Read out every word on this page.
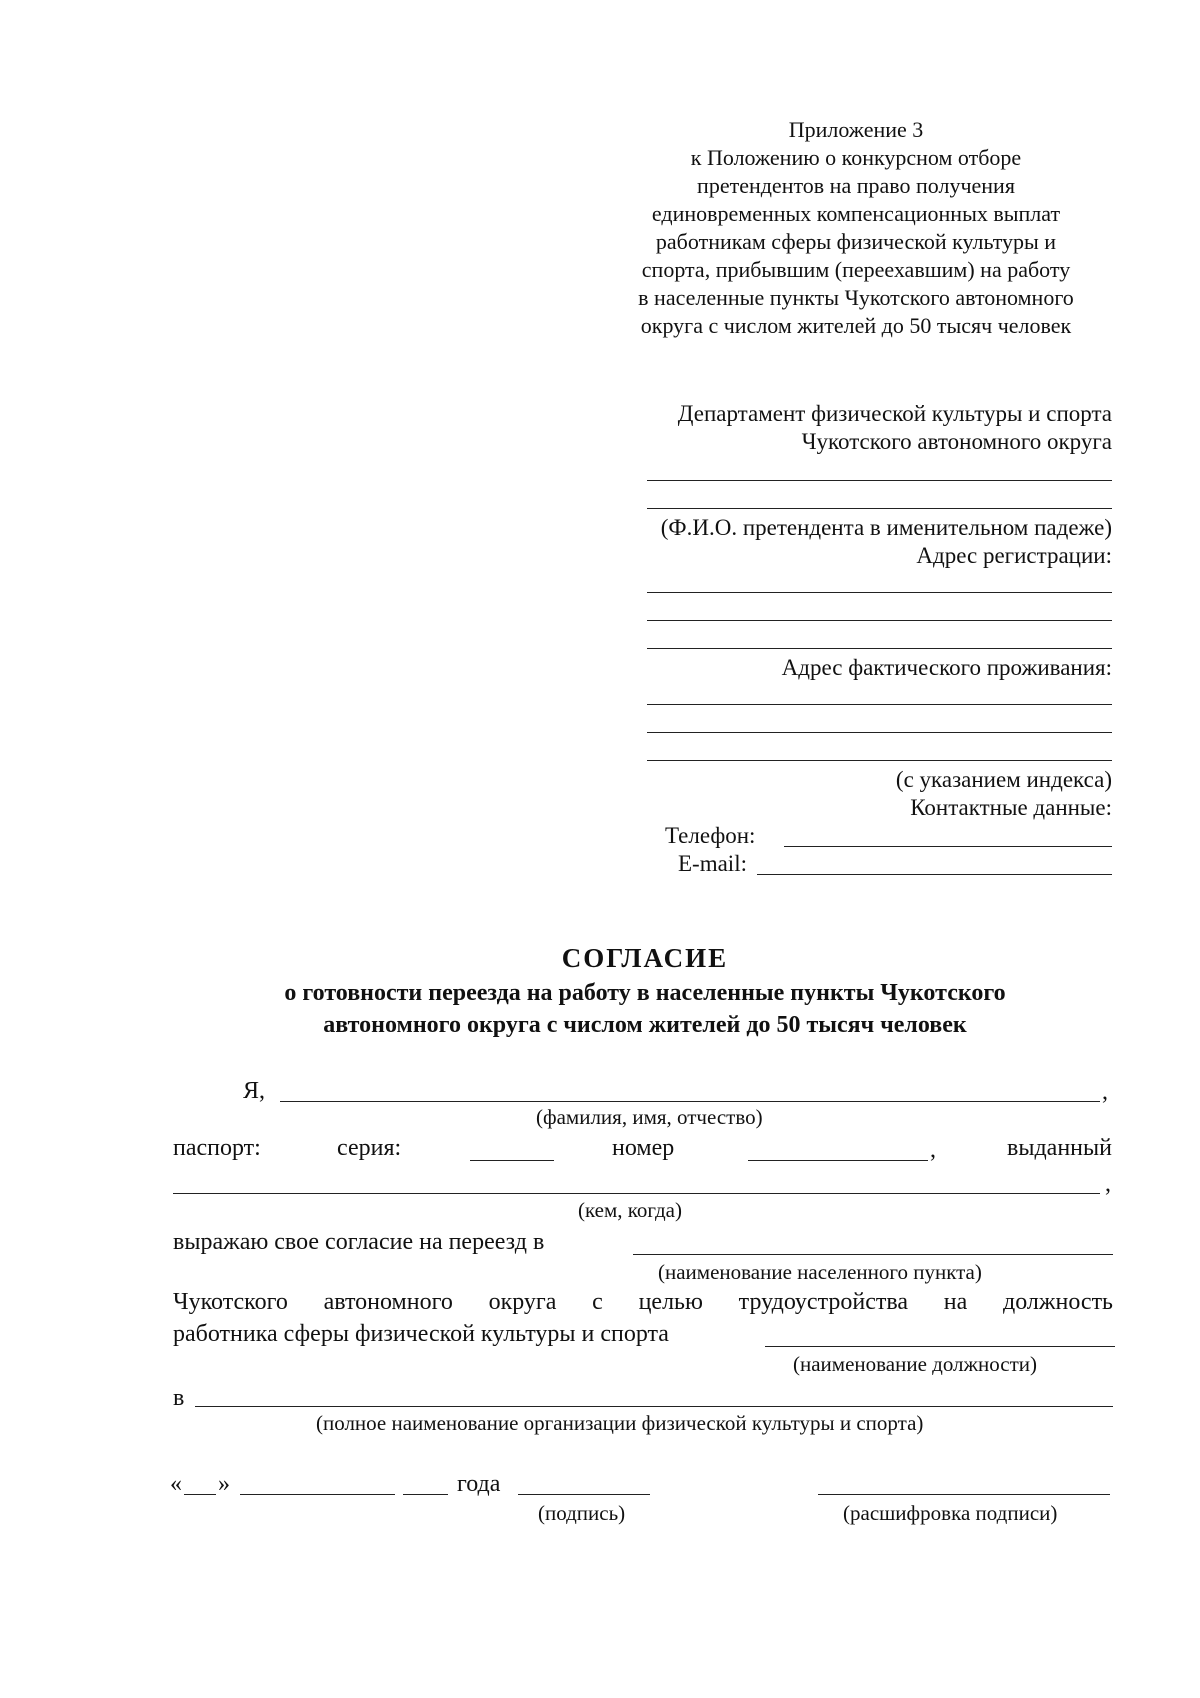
Приложение 3
к Положению о конкурсном отборе
претендентов на право получения
единовременных компенсационных выплат
работникам сферы физической культуры и
спорта, прибывшим (переехавшим) на работу
в населенные пункты Чукотского автономного
округа с числом жителей до 50 тысяч человек
Департамент физической культуры и спорта
Чукотского автономного округа
(Ф.И.О. претендента в именительном падеже)
Адрес регистрации:
Адрес фактического проживания:
(с указанием индекса)
Контактные данные:
Телефон:
E-mail:
СОГЛАСИЕ
о готовности переезда на работу в населенные пункты Чукотского
автономного округа с числом жителей до 50 тысяч человек
Я,	,
(фамилия, имя, отчество)
паспорт:	серия:	номер	,	выданный
,
(кем, когда)
выражаю свое согласие на переезд в
(наименование населенного пункта)
Чукотского автономного округа с целью трудоустройства на должность
работника сферы физической культуры и спорта
(наименование должности)
в
(полное наименование организации физической культуры и спорта)
« »	года
(подпись)	(расшифровка подписи)
